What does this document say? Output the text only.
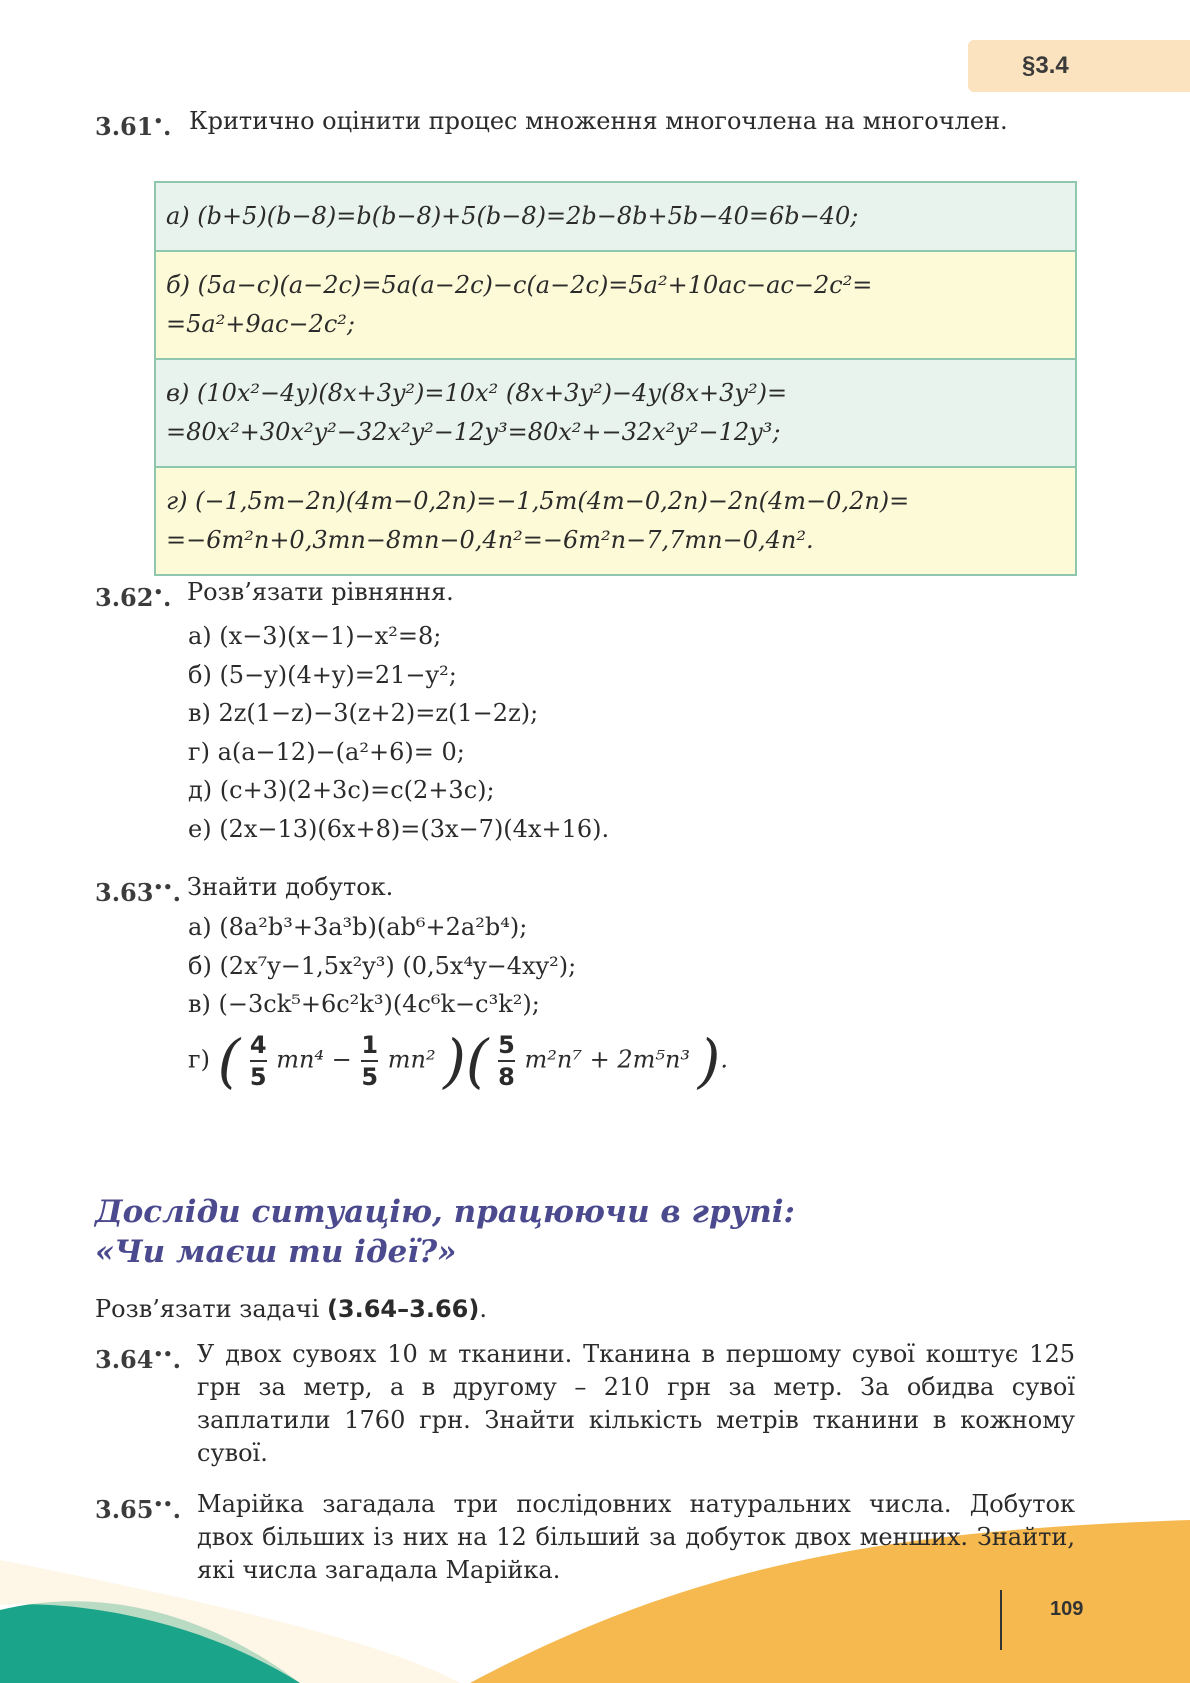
§3.4
3.61•. Критично оцінити процес множення многочлена на многочлен.
а) (b+5)(b−8)=b(b−8)+5(b−8)=2b−8b+5b−40=6b−40;
б) (5a−c)(a−2c)=5a(a−2c)−c(a−2c)=5a²+10ac−ac−2c²= =5a²+9ac−2c²;
в) (10x²−4y)(8x+3y²)=10x² (8x+3y²)−4y(8x+3y²)= =80x²+30x²y²−32x²y²−12y³=80x²+−32x²y²−12y³;
г) (−1,5m−2n)(4m−0,2n)=−1,5m(4m−0,2n)−2n(4m−0,2n)= =−6m²n+0,3mn−8mn−0,4n²=−6m²n−7,7mn−0,4n².
3.62•. Розв’язати рівняння.
а) (x−3)(x−1)−x²=8;
б) (5−y)(4+y)=21−y²;
в) 2z(1−z)−3(z+2)=z(1−2z);
г) a(a−12)−(a²+6)= 0;
д) (c+3)(2+3c)=c(2+3c);
е) (2x−13)(6x+8)=(3x−7)(4x+16).
3.63••. Знайти добуток.
а) (8a²b³+3a³b)(ab⁶+2a²b⁴);
б) (2x⁷y−1,5x²y³) (0,5x⁴y−4xy²);
в) (−3ck⁵+6c²k³)(4c⁶k−c³k²);
г) ( $\frac{4}{5} mn^4 - \frac{1}{5} mn^2$ )( $\frac{5}{8} m^2n^7 + 2m^5n^3$ ).
Досліди ситуацію, працюючи в групі:
«Чи маєш ти ідеї?»
Розв’язати задачі (3.64–3.66).
3.64••. У двох сувоях 10 м тканини. Тканина в першому сувої коштує 125 грн за метр, а в другому – 210 грн за метр. За обидва сувої заплатили 1760 грн. Знайти кількість метрів тканини в кожному сувої.
3.65••. Марійка загадала три послідовних натуральних числа. Добуток двох більших із них на 12 більший за добуток двох менших. Знайти, які числа загадала Марійка.
109
